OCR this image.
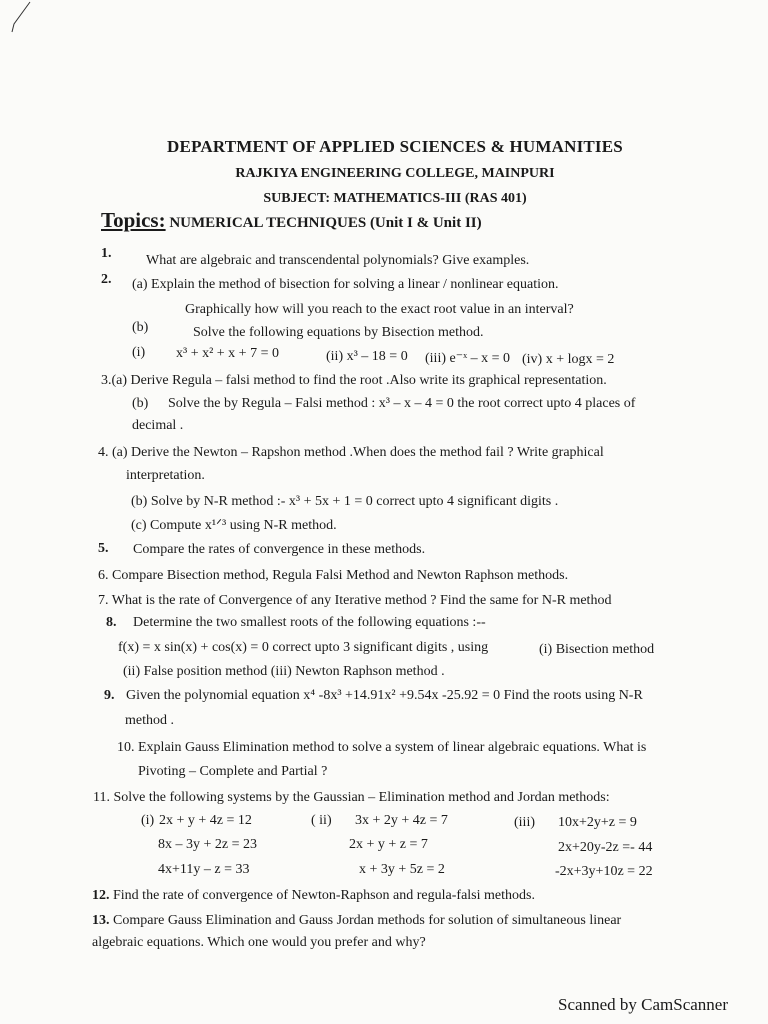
DEPARTMENT OF APPLIED SCIENCES & HUMANITIES
RAJKIYA ENGINEERING COLLEGE, MAINPURI
SUBJECT: MATHEMATICS-III (RAS 401)
Topics: NUMERICAL TECHNIQUES (Unit I & Unit II)
1. What are algebraic and transcendental polynomials? Give examples.
2. (a) Explain the method of bisection for solving a linear / nonlinear equation.
Graphically how will you reach to the exact root value in an interval?
(b)	Solve the following equations by Bisection method.
(i) x³ + x² + x + 7 = 0	(ii) x³ – 18 = 0 (iii) e⁻ˣ – x = 0 (iv) x + logx = 2
3.(a) Derive Regula – falsi method to find the root .Also write its graphical representation.
(b) Solve the by Regula – Falsi method : x³ – x – 4 = 0 the root correct upto 4 places of
decimal .
4. (a) Derive the Newton – Rapshon method .When does the method fail ? Write graphical
interpretation.
(b) Solve by N-R method :- x³ + 5x + 1 = 0 correct upto 4 significant digits .
(c) Compute x¹ᐟ³ using N-R method.
5. Compare the rates of convergence in these methods.
6. Compare Bisection method, Regula Falsi Method and Newton Raphson methods.
7. What is the rate of Convergence of any Iterative method ? Find the same for N-R method
8. Determine the two smallest roots of the following equations :--
f(x) = x sin(x) + cos(x) = 0 correct upto 3 significant digits , using	(i) Bisection method
(ii) False position method (iii) Newton Raphson method .
9. Given the polynomial equation x⁴ -8x³ +14.91x² +9.54x -25.92 = 0 Find the roots using N-R
method .
10. Explain Gauss Elimination method to solve a system of linear algebraic equations. What is
Pivoting – Complete and Partial ?
11. Solve the following systems by the Gaussian – Elimination method and Jordan methods:
(i) 2x + y + 4z = 12
8x – 3y + 2z = 23
4x+11y – z = 33
( ii) 3x + 2y + 4z = 7
2x + y + z = 7
x + 3y + 5z = 2
(iii) 10x+2y+z = 9
2x+20y-2z =- 44
-2x+3y+10z = 22
12. Find the rate of convergence of Newton-Raphson and regula-falsi methods.
13. Compare Gauss Elimination and Gauss Jordan methods for solution of simultaneous linear
algebraic equations. Which one would you prefer and why?
Scanned by CamScanner
